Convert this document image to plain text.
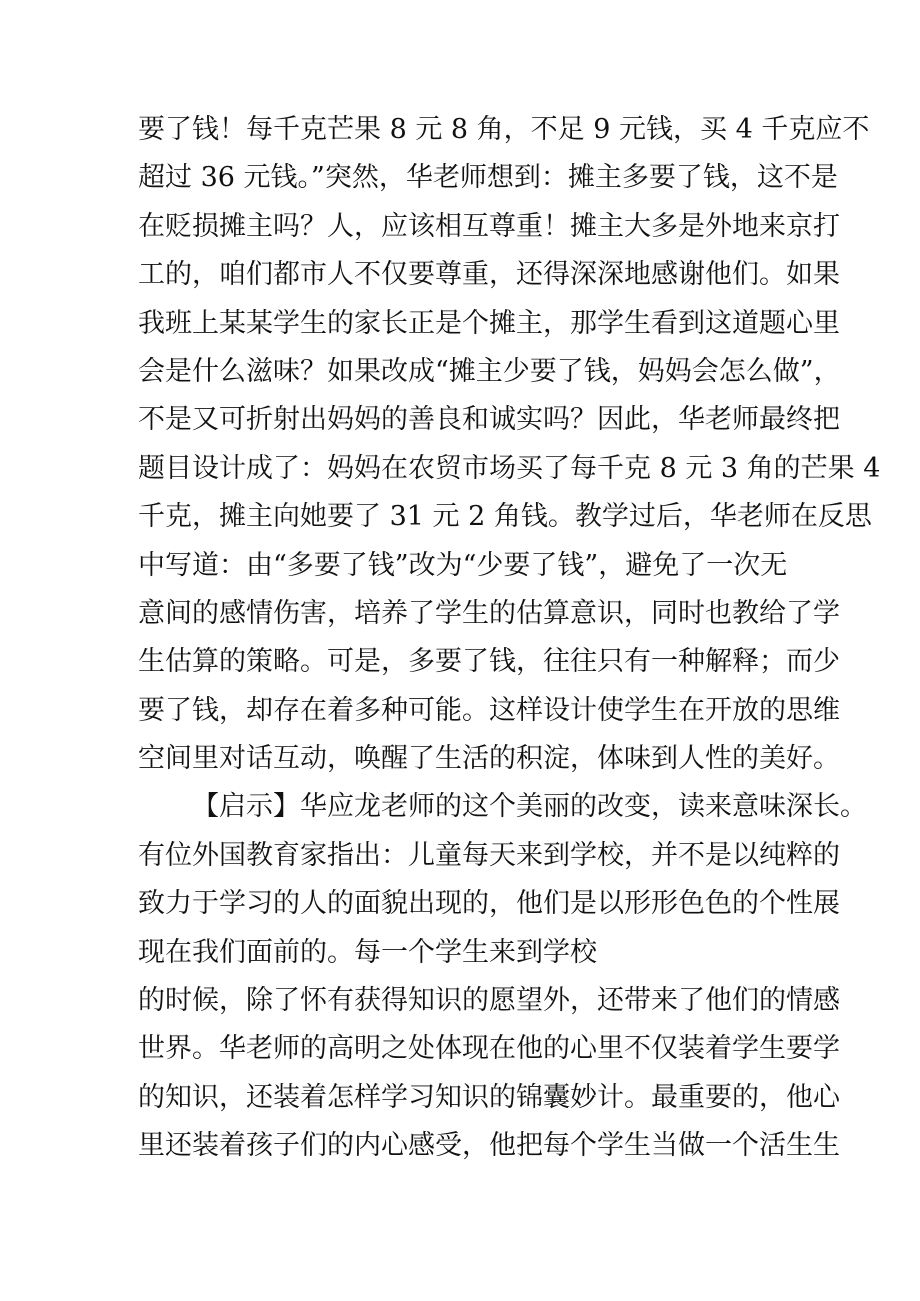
要了钱！每千克芒果 8 元 8 角，不足 9 元钱，买 4 千克应不
超过 36 元钱。”突然，华老师想到：摊主多要了钱，这不是
在贬损摊主吗？人，应该相互尊重！摊主大多是外地来京打
工的，咱们都市人不仅要尊重，还得深深地感谢他们。如果
我班上某某学生的家长正是个摊主，那学生看到这道题心里
会是什么滋味？如果改成“摊主少要了钱，妈妈会怎么做”，
不是又可折射出妈妈的善良和诚实吗？因此，华老师最终把
题目设计成了：妈妈在农贸市场买了每千克 8 元 3 角的芒果 4
千克，摊主向她要了 31 元 2 角钱。教学过后，华老师在反思
中写道：由“多要了钱”改为“少要了钱”，避免了一次无
意间的感情伤害，培养了学生的估算意识，同时也教给了学
生估算的策略。可是，多要了钱，往往只有一种解释；而少
要了钱，却存在着多种可能。这样设计使学生在开放的思维
空间里对话互动，唤醒了生活的积淀，体味到人性的美好。
【启示】华应龙老师的这个美丽的改变，读来意味深长。
有位外国教育家指出：儿童每天来到学校，并不是以纯粹的
致力于学习的人的面貌出现的，他们是以形形色色的个性展
现在我们面前的。每一个学生来到学校
的时候，除了怀有获得知识的愿望外，还带来了他们的情感
世界。华老师的高明之处体现在他的心里不仅装着学生要学
的知识，还装着怎样学习知识的锦囊妙计。最重要的，他心
里还装着孩子们的内心感受，他把每个学生当做一个活生生
